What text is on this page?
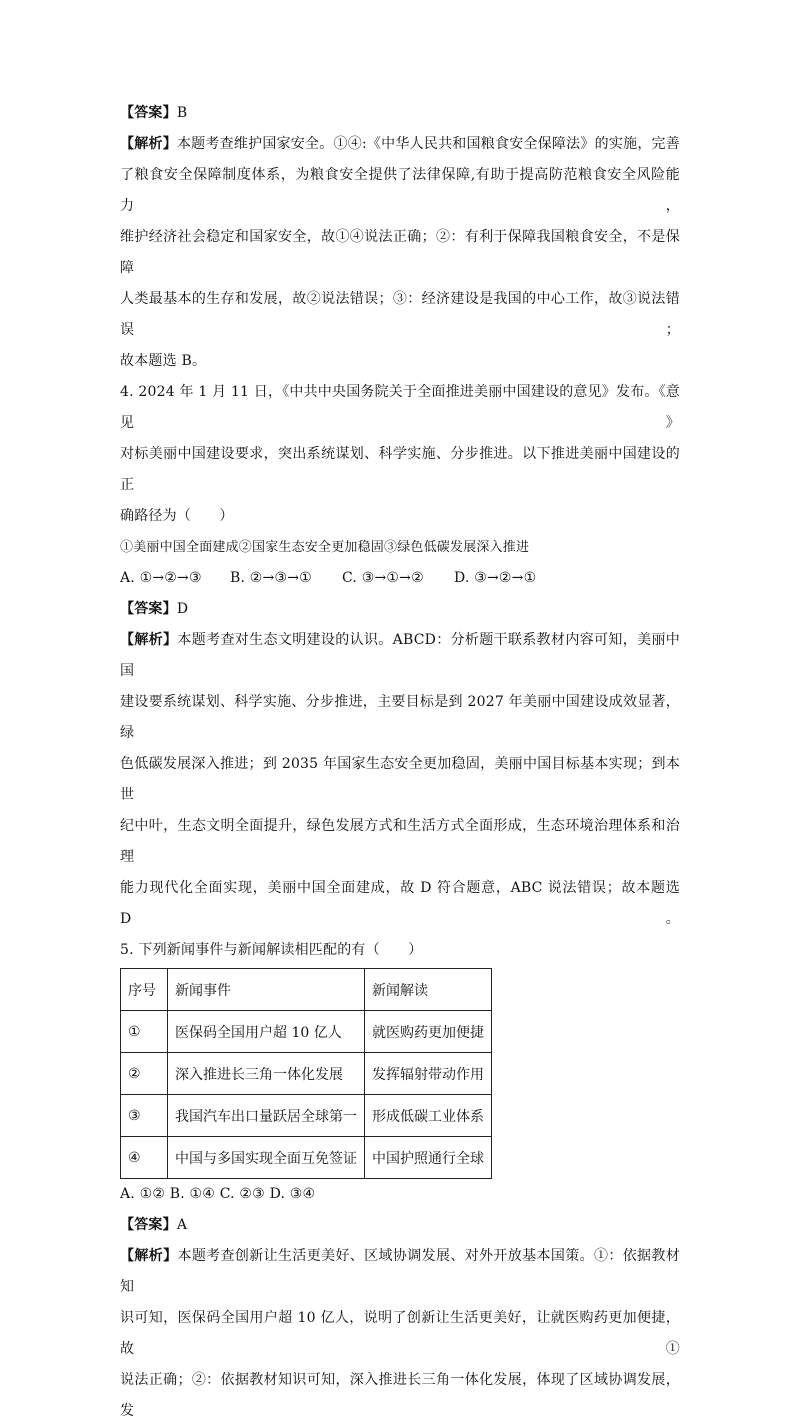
【答案】B
【解析】本题考查维护国家安全。①④:《中华人民共和国粮食安全保障法》的实施，完善
了粮食安全保障制度体系，为粮食安全提供了法律保障,有助于提高防范粮食安全风险能力，
维护经济社会稳定和国家安全，故①④说法正确；②：有利于保障我国粮食安全，不是保障
人类最基本的生存和发展，故②说法错误；③：经济建设是我国的中心工作，故③说法错误；
故本题选 B。
4. 2024 年 1 月 11 日，《中共中央国务院关于全面推进美丽中国建设的意见》发布。《意见》
对标美丽中国建设要求，突出系统谋划、科学实施、分步推进。以下推进美丽中国建设的正
确路径为（　　）
①美丽中国全面建成②国家生态安全更加稳固③绿色低碳发展深入推进
A. ①→②→③ B. ②→③→① C. ③→①→② D. ③→②→①
【答案】D
【解析】本题考查对生态文明建设的认识。ABCD：分析题干联系教材内容可知，美丽中国
建设要系统谋划、科学实施、分步推进，主要目标是到 2027 年美丽中国建设成效显著，绿
色低碳发展深入推进；到 2035 年国家生态安全更加稳固，美丽中国目标基本实现；到本世
纪中叶，生态文明全面提升，绿色发展方式和生活方式全面形成，生态环境治理体系和治理
能力现代化全面实现，美丽中国全面建成，故 D 符合题意，ABC 说法错误；故本题选 D。
5. 下列新闻事件与新闻解读相匹配的有（　　）
序号	新闻事件	新闻解读
①	医保码全国用户超 10 亿人	就医购药更加便捷
②	深入推进长三角一体化发展	发挥辐射带动作用
③	我国汽车出口量跃居全球第一	形成低碳工业体系
④	中国与多国实现全面互免签证	中国护照通行全球
A. ①② B. ①④ C. ②③ D. ③④
【答案】A
【解析】本题考查创新让生活更美好、区域协调发展、对外开放基本国策。①：依据教材知
识可知，医保码全国用户超 10 亿人，说明了创新让生活更美好，让就医购药更加便捷，故①
说法正确；②：依据教材知识可知，深入推进长三角一体化发展，体现了区域协调发展，发
